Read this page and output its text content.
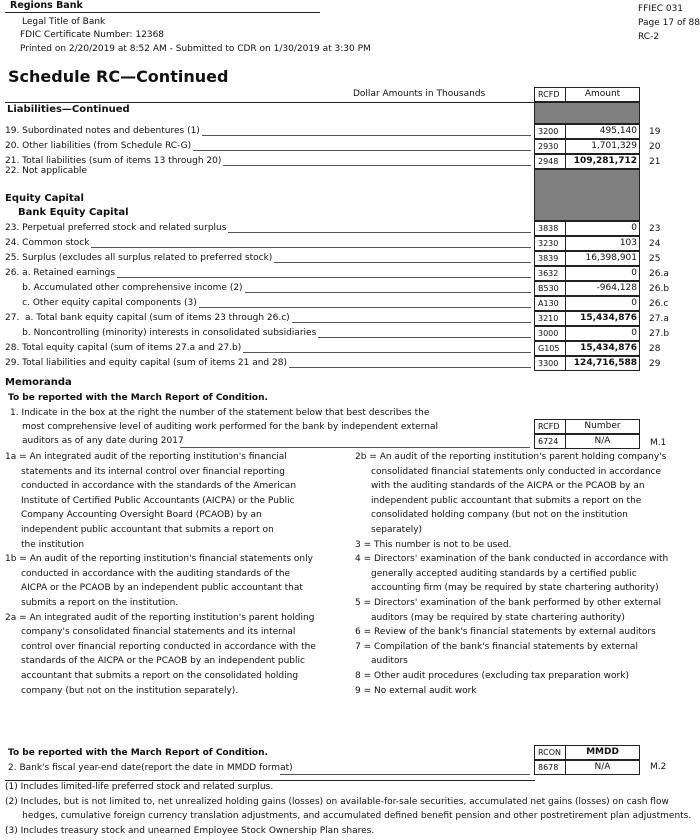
Regions Bank
Legal Title of Bank
FDIC Certificate Number: 12368
Printed on 2/20/2019 at 8:52 AM - Submitted to CDR on 1/30/2019 at 3:30 PM
FFIEC 031
Page 17 of 88
RC-2
Schedule RC—Continued
Dollar Amounts in Thousands	RCFD	Amount
Liabilities—Continued
19. Subordinated notes and debentures (1)	3200	495,140	19
20. Other liabilities (from Schedule RC-G)	2930	1,701,329	20
21. Total liabilities (sum of items 13 through 20)	2948	109,281,712	21
23. Perpetual preferred stock and related surplus	3838	0	23
24. Common stock	3230	103	24
25. Surplus (excludes all surplus related to preferred stock)	3839	16,398,901	25
26. a. Retained earnings	3632	0	26.a
b. Accumulated other comprehensive income (2)	B530	-964,128	26.b
c. Other equity capital components (3)	A130	0	26.c
27.  a. Total bank equity capital (sum of items 23 through 26.c)	3210	15,434,876	27.a
b. Noncontrolling (minority) interests in consolidated subsidiaries	3000	0	27.b
28. Total equity capital (sum of items 27.a and 27.b)	G105	15,434,876	28
29. Total liabilities and equity capital (sum of items 21 and 28)	3300	124,716,588	29
22. Not applicable
Equity Capital
Bank Equity Capital
Memoranda
To be reported with the March Report of Condition.
1. Indicate in the box at the right the number of the statement below that best describes the
most comprehensive level of auditing work performed for the bank by independent external
auditors as of any date during 2017
RCFD	Number
6724	N/A	M.1
1a = An integrated audit of the reporting institution's financial
statements and its internal control over financial reporting
conducted in accordance with the standards of the American
Institute of Certified Public Accountants (AICPA) or the Public
Company Accounting Oversight Board (PCAOB) by an
independent public accountant that submits a report on
the institution
1b = An audit of the reporting institution's financial statements only
conducted in accordance with the auditing standards of the
AICPA or the PCAOB by an independent public accountant that
submits a report on the institution.
2a = An integrated audit of the reporting institution's parent holding
company's consolidated financial statements and its internal
control over financial reporting conducted in accordance with the
standards of the AICPA or the PCAOB by an independent public
accountant that submits a report on the consolidated holding
company (but not on the institution separately).
2b = An audit of the reporting institution's parent holding company's
consolidated financial statements only conducted in accordance
with the auditing standards of the AICPA or the PCAOB by an
independent public accountant that submits a report on the
consolidated holding company (but not on the institution
separately)
3 = This number is not to be used.
4 = Directors' examination of the bank conducted in accordance with
generally accepted auditing standards by a certified public
accounting firm (may be required by state chartering authority)
5 = Directors' examination of the bank performed by other external
auditors (may be required by state chartering authority)
6 = Review of the bank's financial statements by external auditors
7 = Compilation of the bank's financial statements by external
auditors
8 = Other audit procedures (excluding tax preparation work)
9 = No external audit work
To be reported with the March Report of Condition.
2. Bank's fiscal year-end date(report the date in MMDD format)
RCON	MMDD
8678	N/A	M.2
(1) Includes limited-life preferred stock and related surplus.
(2) Includes, but is not limited to, net unrealized holding gains (losses) on available-for-sale securities, accumulated net gains (losses) on cash flow
hedges, cumulative foreign currency translation adjustments, and accumulated defined benefit pension and other postretirement plan adjustments.
(3) Includes treasury stock and unearned Employee Stock Ownership Plan shares.
